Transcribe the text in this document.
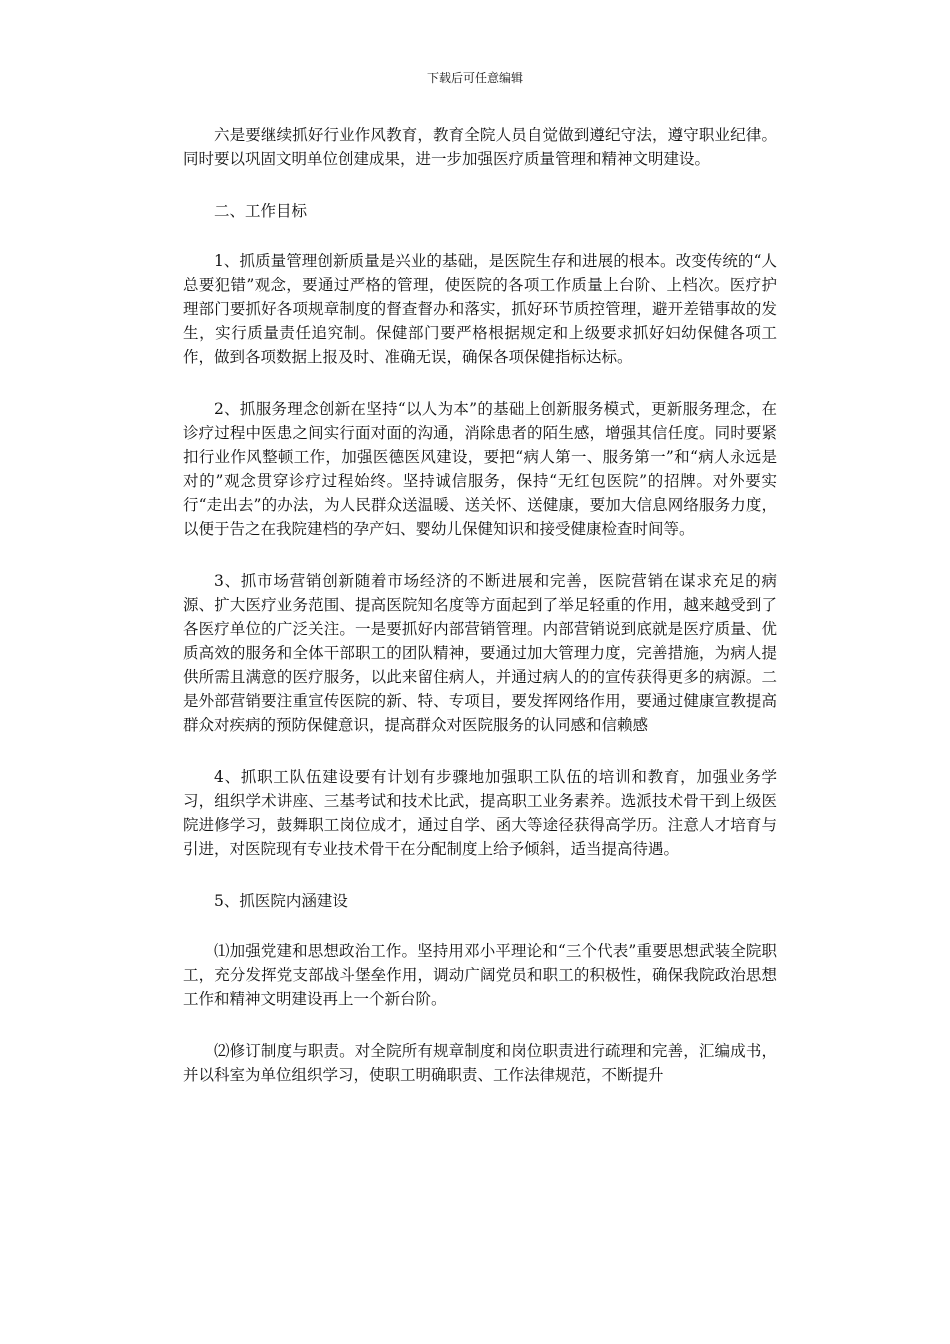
下载后可任意编辑

六是要继续抓好行业作风教育，教育全院人员自觉做到遵纪守法，遵守职业纪律。同时要以巩固文明单位创建成果，进一步加强医疗质量管理和精神文明建设。

二、工作目标

1、抓质量管理创新质量是兴业的基础，是医院生存和进展的根本。改变传统的“人总要犯错”观念，要通过严格的管理，使医院的各项工作质量上台阶、上档次。医疗护理部门要抓好各项规章制度的督查督办和落实，抓好环节质控管理，避开差错事故的发生，实行质量责任追究制。保健部门要严格根据规定和上级要求抓好妇幼保健各项工作，做到各项数据上报及时、准确无误，确保各项保健指标达标。

2、抓服务理念创新在坚持“以人为本”的基础上创新服务模式，更新服务理念，在诊疗过程中医患之间实行面对面的沟通，消除患者的陌生感，增强其信任度。同时要紧扣行业作风整顿工作，加强医德医风建设，要把“病人第一、服务第一”和“病人永远是对的”观念贯穿诊疗过程始终。坚持诚信服务，保持“无红包医院”的招牌。对外要实行“走出去”的办法，为人民群众送温暖、送关怀、送健康，要加大信息网络服务力度，以便于告之在我院建档的孕产妇、婴幼儿保健知识和接受健康检查时间等。

3、抓市场营销创新随着市场经济的不断进展和完善，医院营销在谋求充足的病源、扩大医疗业务范围、提高医院知名度等方面起到了举足轻重的作用，越来越受到了各医疗单位的广泛关注。一是要抓好内部营销管理。内部营销说到底就是医疗质量、优质高效的服务和全体干部职工的团队精神，要通过加大管理力度，完善措施，为病人提供所需且满意的医疗服务，以此来留住病人，并通过病人的的宣传获得更多的病源。二是外部营销要注重宣传医院的新、特、专项目，要发挥网络作用，要通过健康宣教提高群众对疾病的预防保健意识，提高群众对医院服务的认同感和信赖感

4、抓职工队伍建设要有计划有步骤地加强职工队伍的培训和教育，加强业务学习，组织学术讲座、三基考试和技术比武，提高职工业务素养。选派技术骨干到上级医院进修学习，鼓舞职工岗位成才，通过自学、函大等途径获得高学历。注意人才培育与引进，对医院现有专业技术骨干在分配制度上给予倾斜，适当提高待遇。

5、抓医院内涵建设

⑴加强党建和思想政治工作。坚持用邓小平理论和“三个代表”重要思想武装全院职工，充分发挥党支部战斗堡垒作用，调动广阔党员和职工的积极性，确保我院政治思想工作和精神文明建设再上一个新台阶。

⑵修订制度与职责。对全院所有规章制度和岗位职责进行疏理和完善，汇编成书，并以科室为单位组织学习，使职工明确职责、工作法律规范，不断提升
